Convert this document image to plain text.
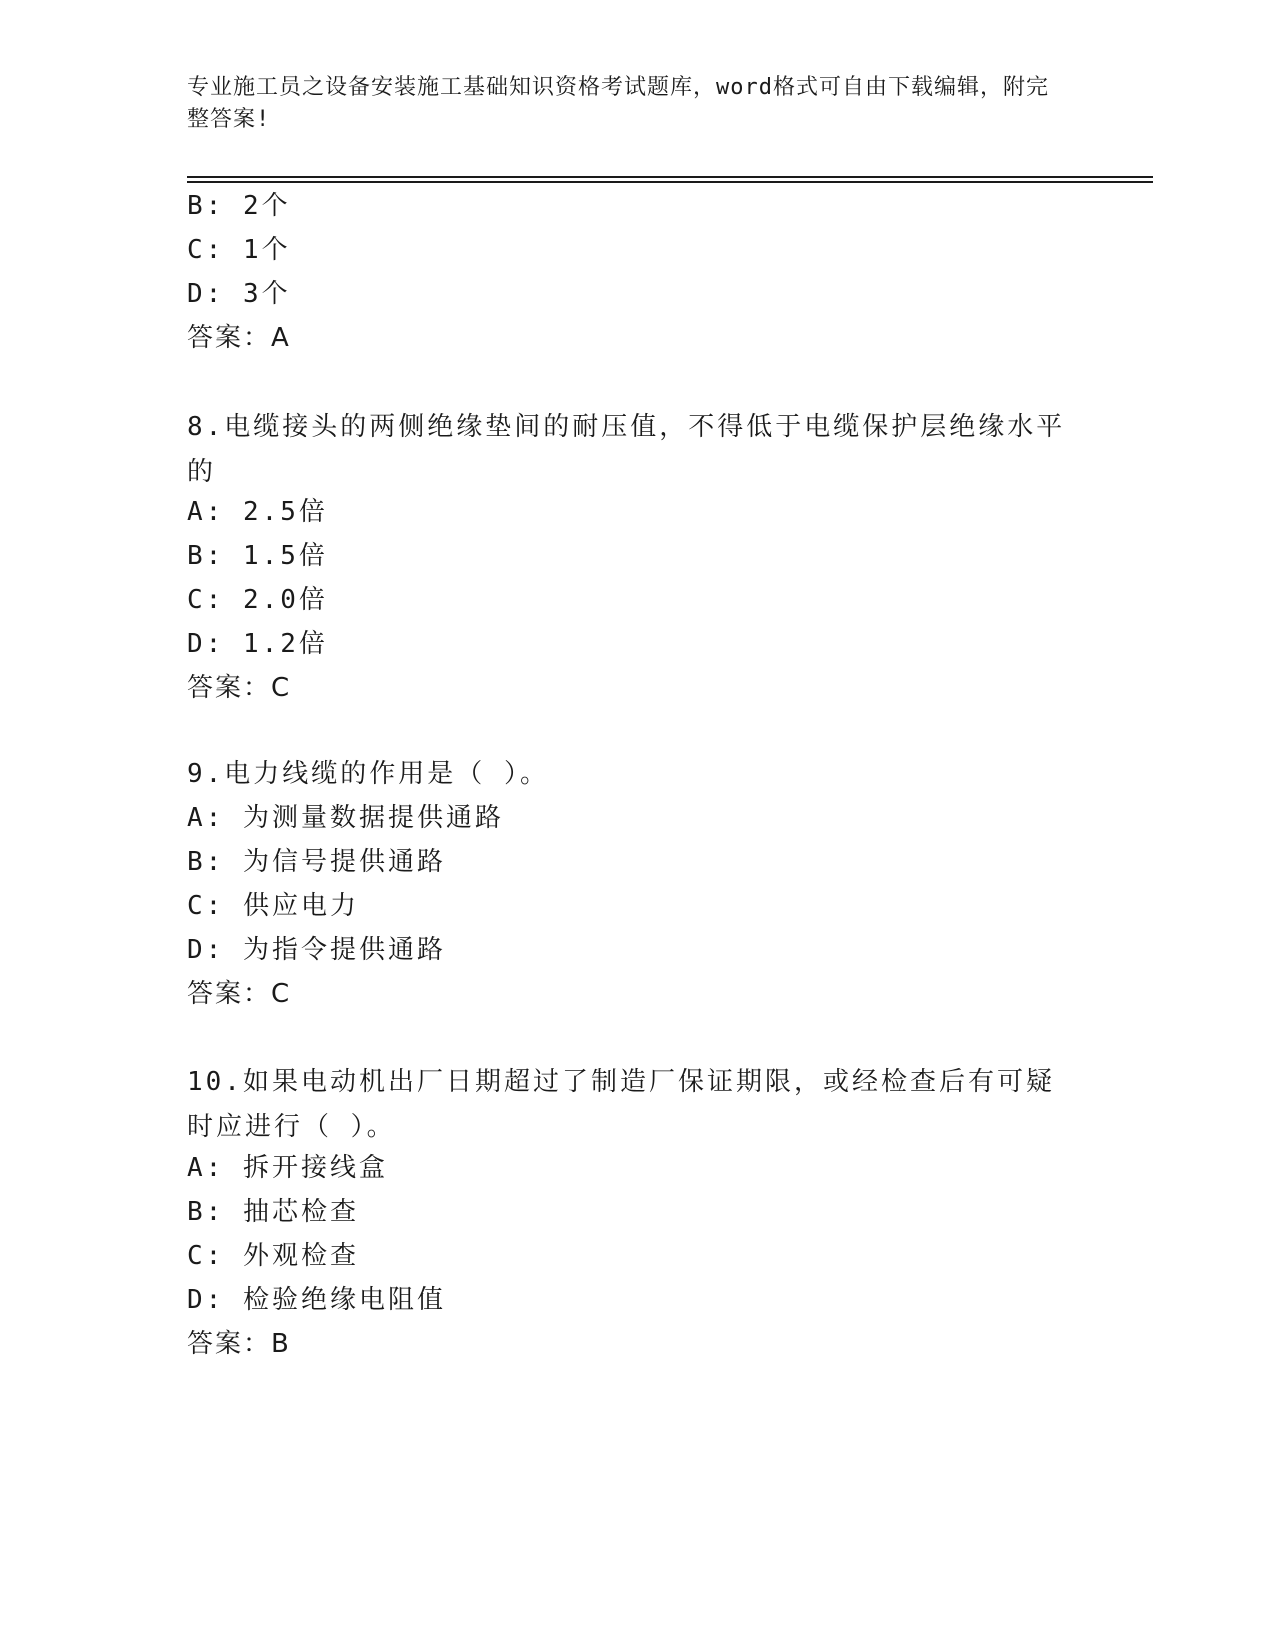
专业施工员之设备安装施工基础知识资格考试题库，word格式可自由下载编辑，附完整答案!
B: 2个
C: 1个
D: 3个
答案：A
8.电缆接头的两侧绝缘垫间的耐压值，不得低于电缆保护层绝缘水平的
A: 2.5倍
B: 1.5倍
C: 2.0倍
D: 1.2倍
答案：C
9.电力线缆的作用是（ ）。
A: 为测量数据提供通路
B: 为信号提供通路
C: 供应电力
D: 为指令提供通路
答案：C
10.如果电动机出厂日期超过了制造厂保证期限，或经检查后有可疑时应进行（ ）。
A: 拆开接线盒
B: 抽芯检查
C: 外观检查
D: 检验绝缘电阻值
答案：B
